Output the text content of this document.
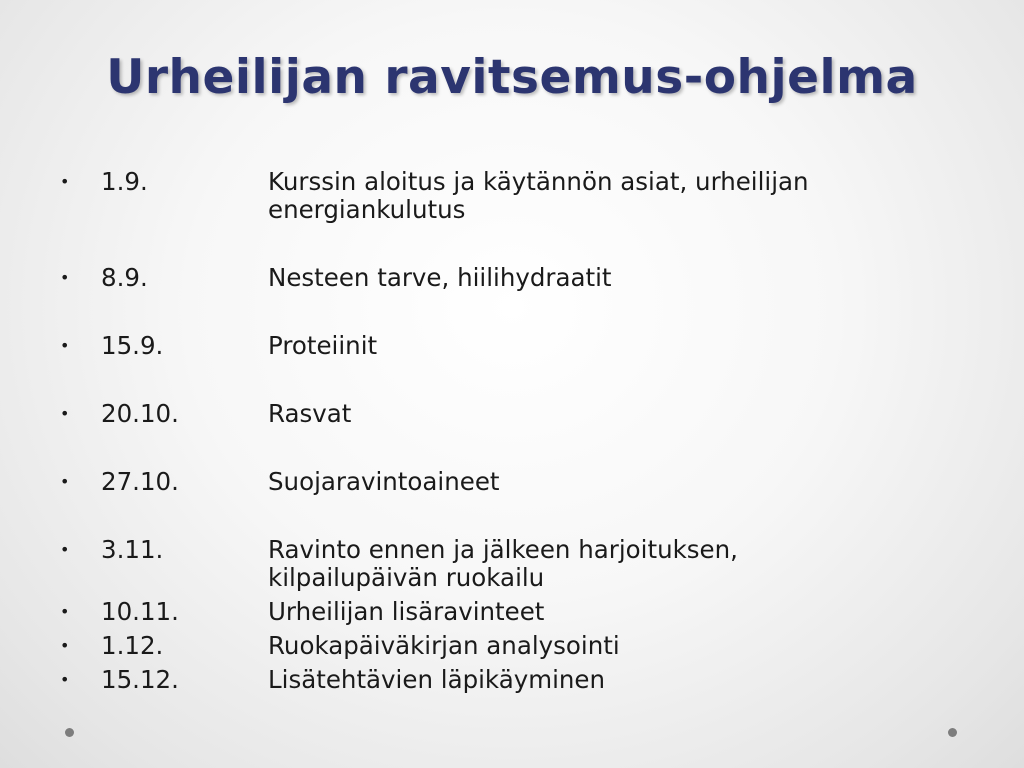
Urheilijan ravitsemus-ohjelma
•	1.9.	Kurssin aloitus ja käytännön asiat, urheilijan
energiankulutus
•	8.9.	Nesteen tarve, hiilihydraatit
•	15.9.	Proteiinit
•	20.10.	Rasvat
•	27.10.	Suojaravintoaineet
•	3.11.	Ravinto ennen ja jälkeen harjoituksen,
kilpailupäivän ruokailu
•	10.11.	Urheilijan lisäravinteet
•	1.12.	Ruokapäiväkirjan analysointi
•	15.12.	Lisätehtävien läpikäyminen
